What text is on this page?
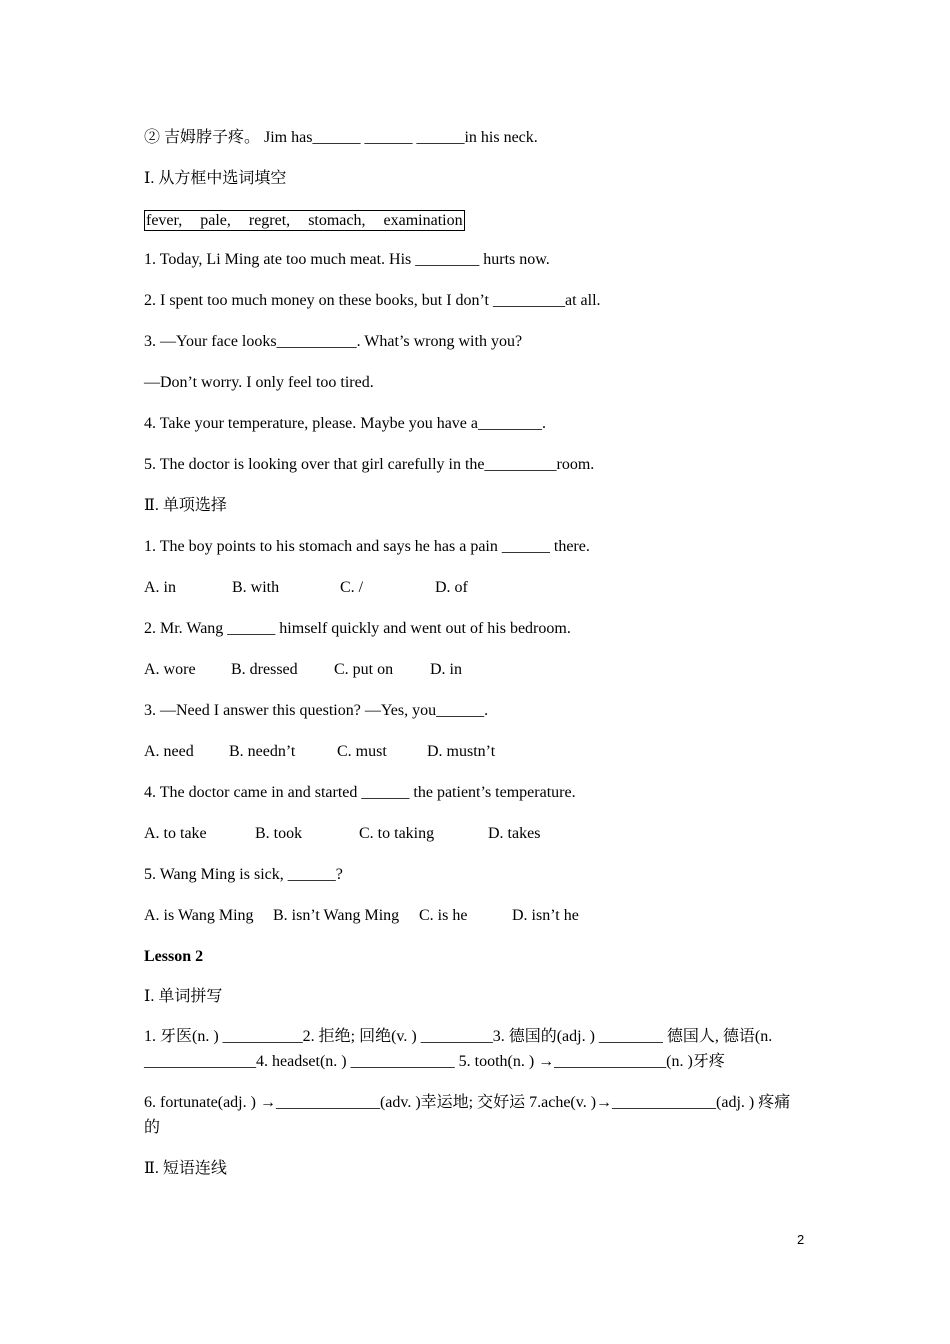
② 吉姆脖子疼。 Jim has______ ______ ______in his neck.
Ⅰ. 从方框中选词填空
fever, pale, regret, stomach, examination
1. Today, Li Ming ate too much meat. His ________ hurts now.
2. I spent too much money on these books, but I don’t _________at all.
3. —Your face looks__________. What’s wrong with you?
—Don’t worry. I only feel too tired.
4. Take your temperature, please. Maybe you have a________.
5. The doctor is looking over that girl carefully in the_________room.
Ⅱ. 单项选择
1. The boy points to his stomach and says he has a pain ______ there.
A. in	B. with	C. /	D. of
2. Mr. Wang ______ himself quickly and went out of his bedroom.
A. wore B. dressed C. put on D. in
3. —Need I answer this question? —Yes, you______.
A. need B. needn’t	C. must	D. mustn’t
4. The doctor came in and started ______ the patient’s temperature.
A. to take	B. took	C. to taking	D. takes
5. Wang Ming is sick, ______?
A. is Wang Ming B. isn’t Wang Ming C. is he	D. isn’t he
Lesson 2
Ⅰ. 单词拼写
1. 牙医(n. ) __________2. 拒绝; 回绝(v. ) _________3. 德国的(adj. ) ________ 德国人, 德语(n. ______________4. headset(n. ) _____________ 5. tooth(n. ) →______________(n. )牙疼
6. fortunate(adj. ) →_____________(adv. )幸运地; 交好运 7.ache(v. )→_____________(adj. ) 疼痛的
Ⅱ. 短语连线
2
